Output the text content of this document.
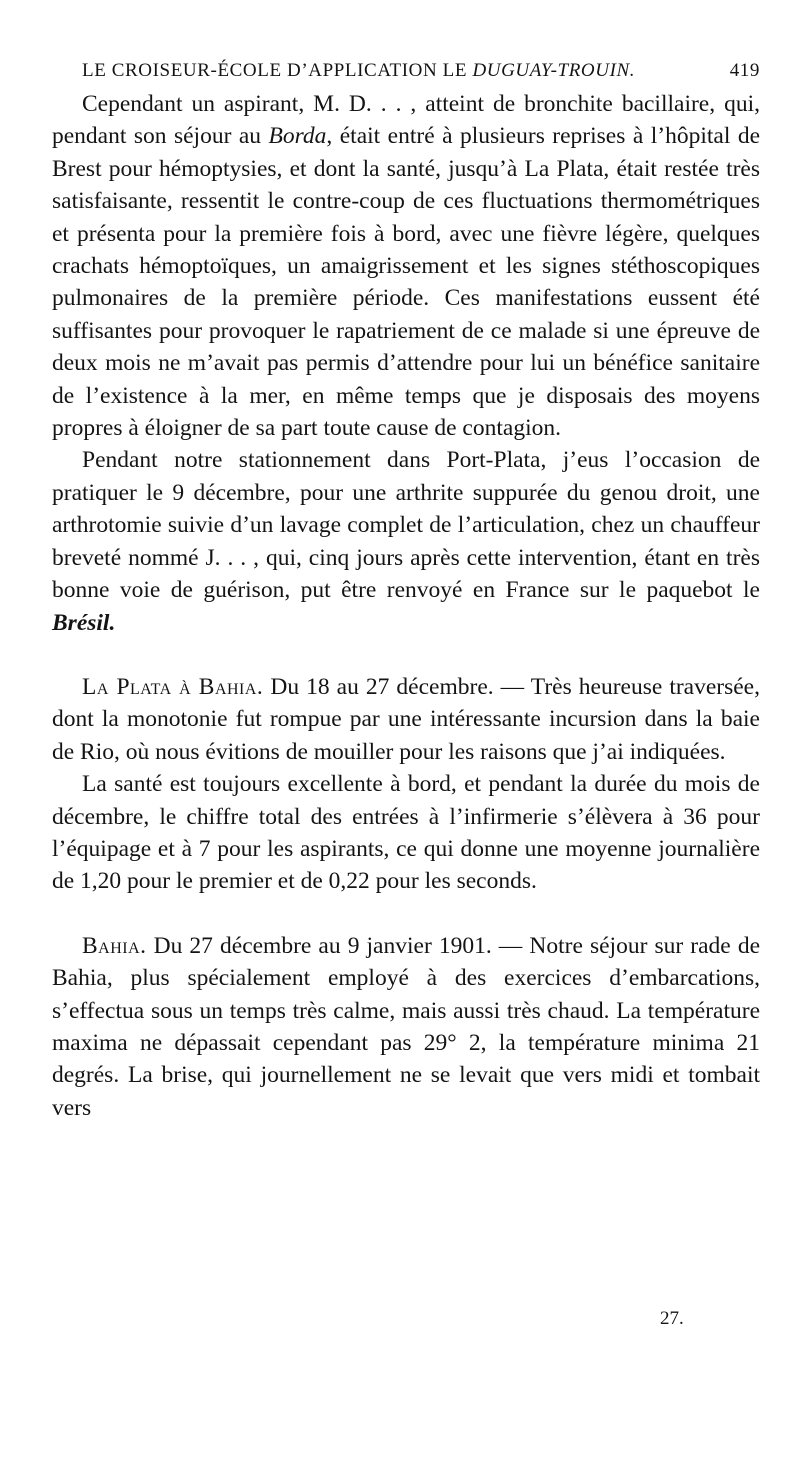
LE CROISEUR-ÉCOLE D’APPLICATION LE DUGUAY-TROUIN.	419

Cependant un aspirant, M. D. . . , atteint de bronchite bacillaire, qui, pendant son séjour au Borda, était entré à plusieurs reprises à l’hôpital de Brest pour hémoptysies, et dont la santé, jusqu’à La Plata, était restée très satisfaisante, ressentit le contre-coup de ces fluctuations thermométriques et présenta pour la première fois à bord, avec une fièvre légère, quelques crachats hémoptoïques, un amaigrissement et les signes stéthoscopiques pulmonaires de la première période. Ces manifestations eussent été suffisantes pour provoquer le rapatriement de ce malade si une épreuve de deux mois ne m’avait pas permis d’attendre pour lui un bénéfice sanitaire de l’existence à la mer, en même temps que je disposais des moyens propres à éloigner de sa part toute cause de contagion.

Pendant notre stationnement dans Port-Plata, j’eus l’occasion de pratiquer le 9 décembre, pour une arthrite suppurée du genou droit, une arthrotomie suivie d’un lavage complet de l’articulation, chez un chauffeur breveté nommé J. . . , qui, cinq jours après cette intervention, étant en très bonne voie de guérison, put être renvoyé en France sur le paquebot le Brésil.

La Plata à Bahia. Du 18 au 27 décembre. — Très heureuse traversée, dont la monotonie fut rompue par une intéressante incursion dans la baie de Rio, où nous évitions de mouiller pour les raisons que j’ai indiquées.

La santé est toujours excellente à bord, et pendant la durée du mois de décembre, le chiffre total des entrées à l’infirmerie s’élèvera à 36 pour l’équipage et à 7 pour les aspirants, ce qui donne une moyenne journalière de 1,20 pour le premier et de 0,22 pour les seconds.

Bahia. Du 27 décembre au 9 janvier 1901. — Notre séjour sur rade de Bahia, plus spécialement employé à des exercices d’embarcations, s’effectua sous un temps très calme, mais aussi très chaud. La température maxima ne dépassait cependant pas 29° 2, la température minima 21 degrés. La brise, qui journellement ne se levait que vers midi et tombait vers

27.
